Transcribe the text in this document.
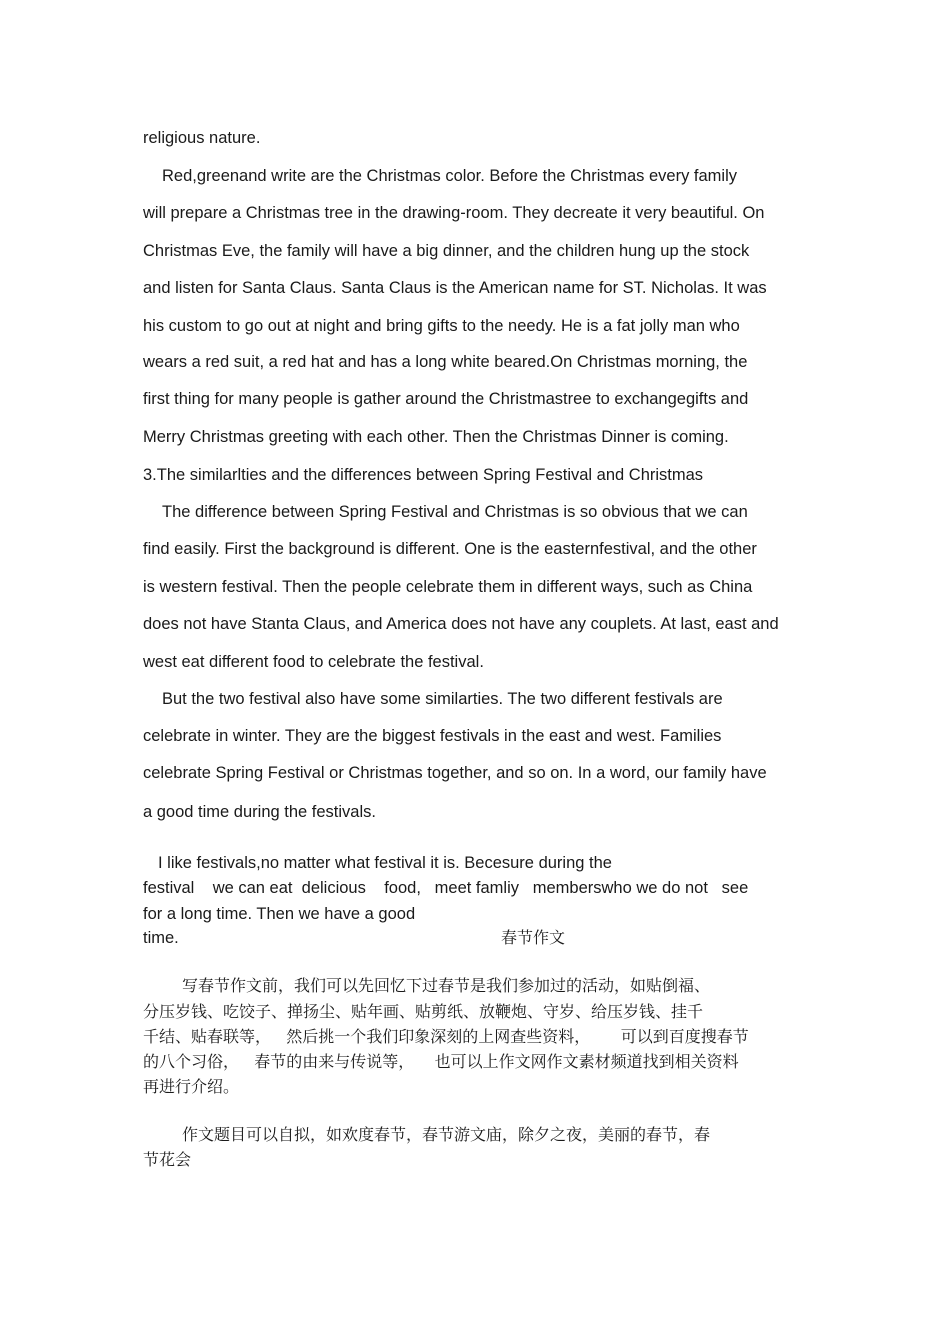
religious nature.

Red,greenand write are the Christmas color. Before the Christmas every family

will prepare a Christmas tree in the drawing-room. They decreate it very beautiful. On

Christmas Eve, the family will have a big dinner, and the children hung up the stock

and listen for Santa Claus. Santa Claus is the American name for ST. Nicholas. It was

his custom to go out at night and bring gifts to the needy. He is a fat jolly man who

wears a red suit, a red hat and has a long white beared.On Christmas morning, the

first thing for many people is gather around the Christmastree to exchangegifts and

Merry Christmas greeting with each other. Then the Christmas Dinner is coming.

3.The similarlties and the differences between Spring Festival and Christmas

The difference between Spring Festival and Christmas is so obvious that we can

find easily. First the background is different. One is the easternfestival, and the other

is western festival. Then the people celebrate them in different ways, such as China

does not have Stanta Claus, and America does not have any couplets. At last, east and

west eat different food to celebrate the festival.

But the two festival also have some similarties. The two different festivals are

celebrate in winter. They are the biggest festivals in the east and west. Families

celebrate Spring Festival or Christmas together, and so on. In a word, our family have

a good time during the festivals.

I like festivals,no matter what festival it is. Becesure during the

festival    we can eat  delicious    food,   meet famliy   memberswho we do not   see

for a long time. Then we have a good

time.	春节作文

写春节作文前，我们可以先回忆下过春节是我们参加过的活动，如贴倒福、

分压岁钱、吃饺子、掸扬尘、贴年画、贴剪纸、放鞭炮、守岁、给压岁钱、挂千

千结、贴春联等，   然后挑一个我们印象深刻的上网查些资料，      可以到百度搜春节

的八个习俗，   春节的由来与传说等，    也可以上作文网作文素材频道找到相关资料

再进行介绍。

作文题目可以自拟，如欢度春节，春节游文庙，除夕之夜，美丽的春节，春

节花会
